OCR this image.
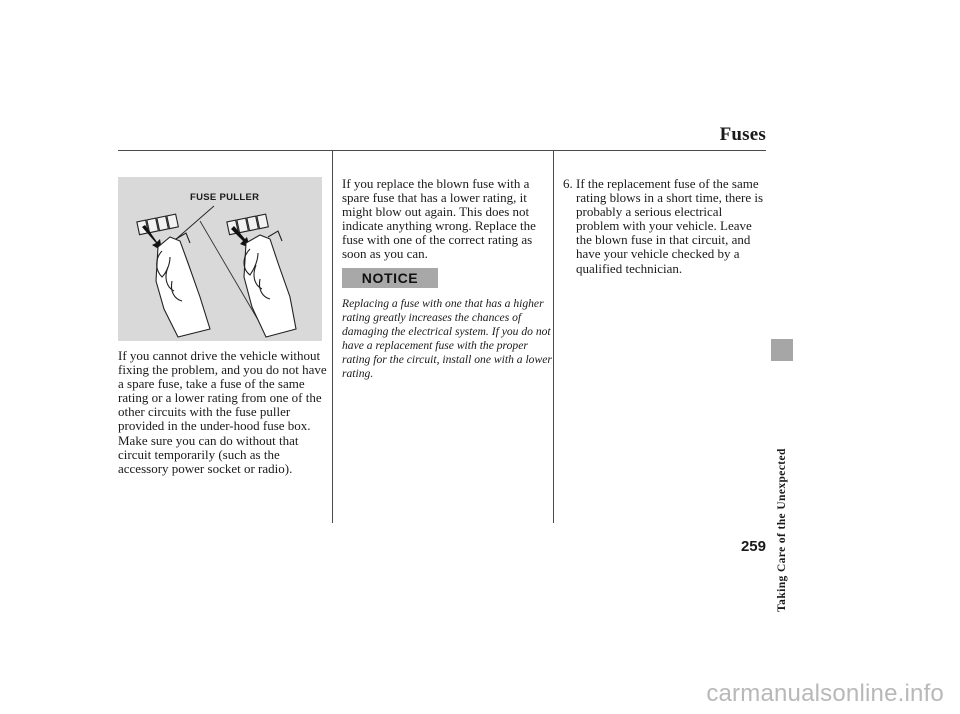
Fuses
FUSE PULLER
If you cannot drive the vehicle without fixing the problem, and you do not have a spare fuse, take a fuse of the same rating or a lower rating from one of the other circuits with the fuse puller provided in the under-hood fuse box. Make sure you can do without that circuit temporarily (such as the accessory power socket or radio).
If you replace the blown fuse with a spare fuse that has a lower rating, it might blow out again. This does not indicate anything wrong. Replace the fuse with one of the correct rating as soon as you can.
NOTICE
Replacing a fuse with one that has a higher rating greatly increases the chances of damaging the electrical system. If you do not have a replacement fuse with the proper rating for the circuit, install one with a lower rating.
6. If the replacement fuse of the same rating blows in a short time, there is probably a serious electrical problem with your vehicle. Leave the blown fuse in that circuit, and have your vehicle checked by a qualified technician.
Taking Care of the Unexpected
259
carmanualsonline.info
